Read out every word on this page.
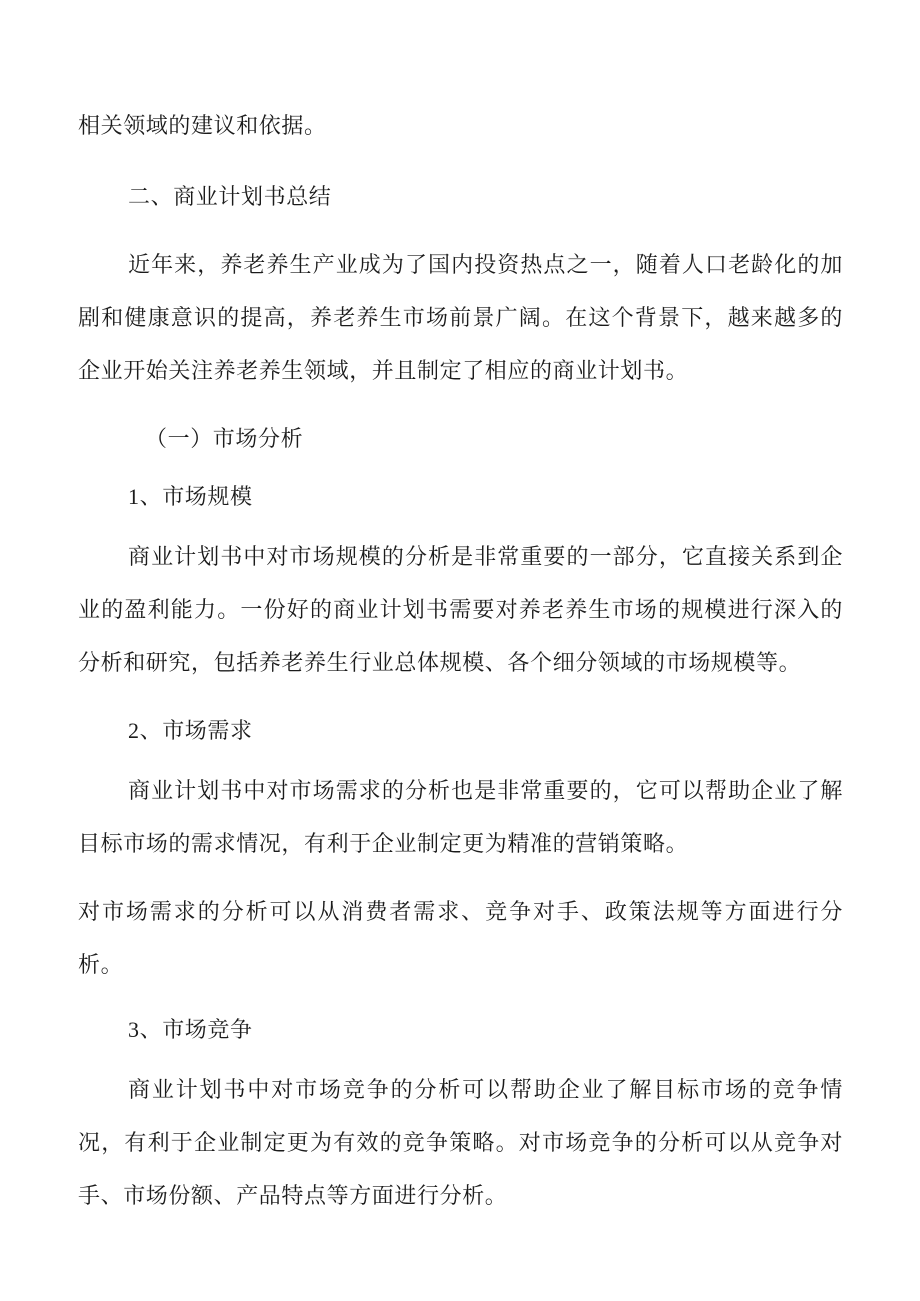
相关领域的建议和依据。

二、商业计划书总结

近年来，养老养生产业成为了国内投资热点之一，随着人口老龄化的加剧和健康意识的提高，养老养生市场前景广阔。在这个背景下，越来越多的企业开始关注养老养生领域，并且制定了相应的商业计划书。

（一）市场分析

1、市场规模

商业计划书中对市场规模的分析是非常重要的一部分，它直接关系到企业的盈利能力。一份好的商业计划书需要对养老养生市场的规模进行深入的分析和研究，包括养老养生行业总体规模、各个细分领域的市场规模等。

2、市场需求

商业计划书中对市场需求的分析也是非常重要的，它可以帮助企业了解目标市场的需求情况，有利于企业制定更为精准的营销策略。

对市场需求的分析可以从消费者需求、竞争对手、政策法规等方面进行分析。

3、市场竞争

商业计划书中对市场竞争的分析可以帮助企业了解目标市场的竞争情况，有利于企业制定更为有效的竞争策略。对市场竞争的分析可以从竞争对手、市场份额、产品特点等方面进行分析。
